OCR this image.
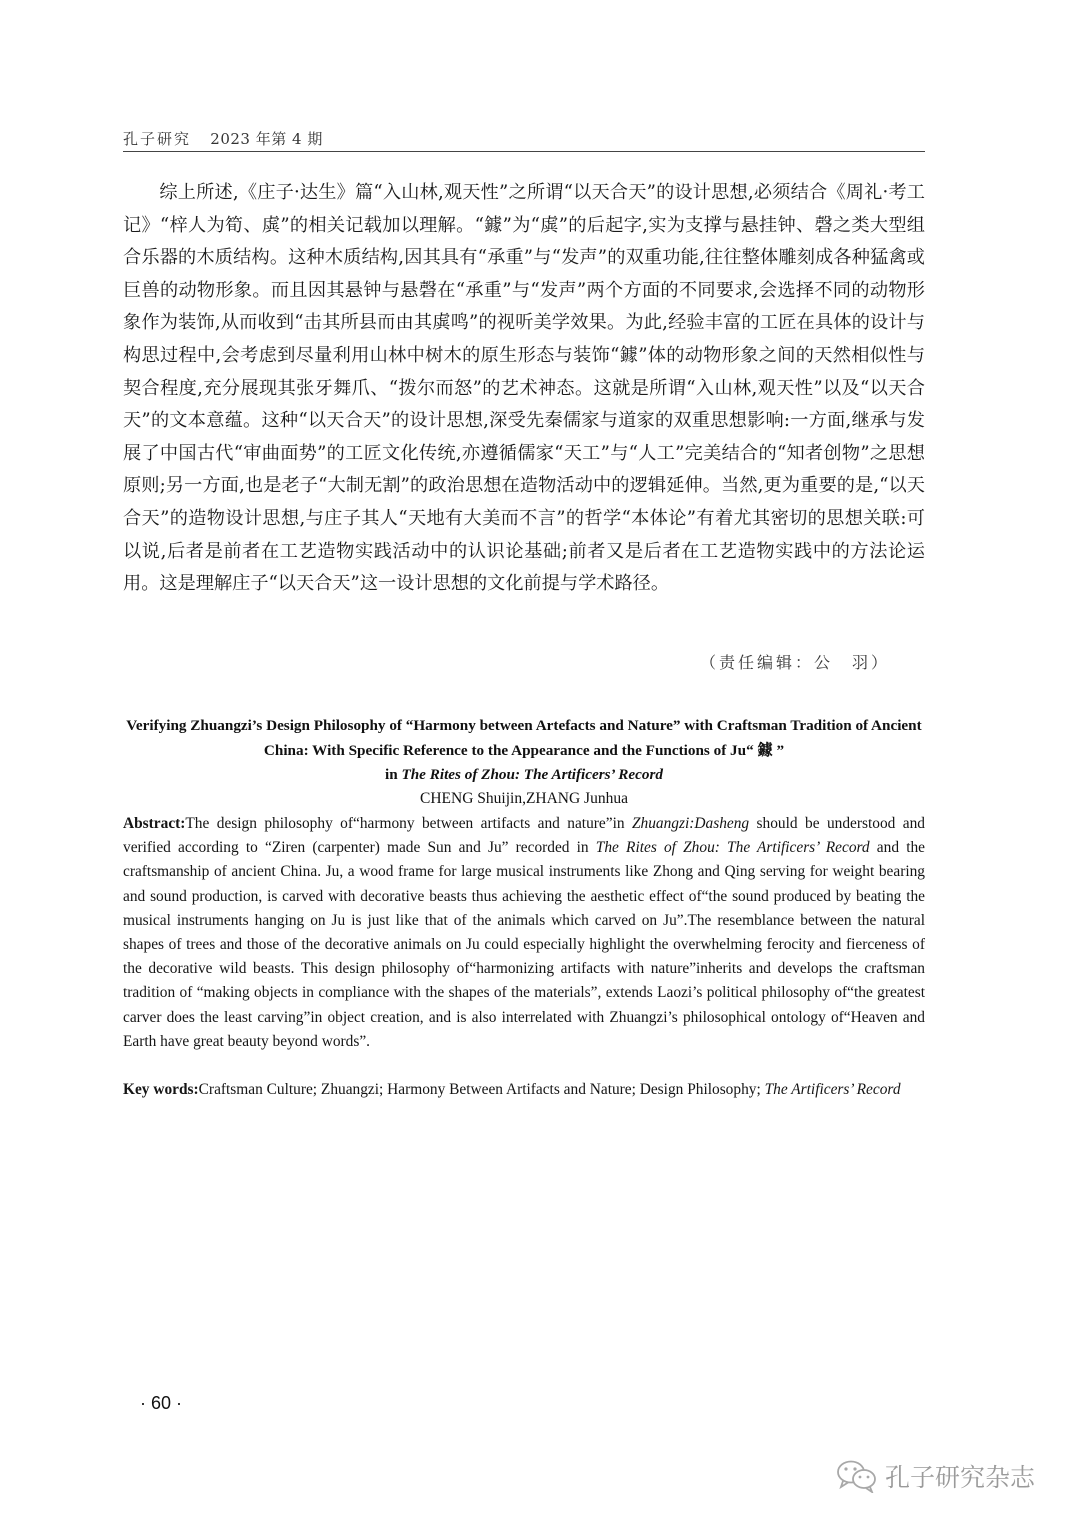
孔子研究 2023 年第 4 期

综上所述,《庄子·达生》篇“入山林,观天性”之所谓“以天合天”的设计思想,必须结合《周礼·考工记》“梓人为筍、虡”的相关记载加以理解。“鐻”为“虡”的后起字,实为支撑与悬挂钟、磬之类大型组合乐器的木质结构。这种木质结构,因其具有“承重”与“发声”的双重功能,往往整体雕刻成各种猛禽或巨兽的动物形象。而且因其悬钟与悬磬在“承重”与“发声”两个方面的不同要求,会选择不同的动物形象作为装饰,从而收到“击其所县而由其虡鸣”的视听美学效果。为此,经验丰富的工匠在具体的设计与构思过程中,会考虑到尽量利用山林中树木的原生形态与装饰“鐻”体的动物形象之间的天然相似性与契合程度,充分展现其张牙舞爪、“拨尔而怒”的艺术神态。这就是所谓“入山林,观天性”以及“以天合天”的文本意蕴。这种“以天合天”的设计思想,深受先秦儒家与道家的双重思想影响:一方面,继承与发展了中国古代“审曲面势”的工匠文化传统,亦遵循儒家“天工”与“人工”完美结合的“知者创物”之思想原则;另一方面,也是老子“大制无割”的政治思想在造物活动中的逻辑延伸。当然,更为重要的是,“以天合天”的造物设计思想,与庄子其人“天地有大美而不言”的哲学“本体论”有着尤其密切的思想关联:可以说,后者是前者在工艺造物实践活动中的认识论基础;前者又是后者在工艺造物实践中的方法论运用。这是理解庄子“以天合天”这一设计思想的文化前提与学术路径。

（责任编辑：公　羽）
Verifying Zhuangzi’s Design Philosophy of “Harmony between Artefacts and Nature” with Craftsman Tradition of Ancient China: With Specific Reference to the Appearance and the Functions of Ju“ 鐻 ”
in The Rites of Zhou: The Artificers’ Record
CHENG Shuijin,ZHANG Junhua

Abstract:The design philosophy of“harmony between artifacts and nature”in Zhuangzi:Dasheng should be understood and verified according to “Ziren (carpenter) made Sun and Ju” recorded in The Rites of Zhou: The Artificers’ Record and the craftsmanship of ancient China. Ju, a wood frame for large musical instruments like Zhong and Qing serving for weight bearing and sound production, is carved with decorative beasts thus achieving the aesthetic effect of“the sound produced by beating the musical instruments hanging on Ju is just like that of the animals which carved on Ju”.The resemblance between the natural shapes of trees and those of the decorative animals on Ju could especially highlight the overwhelming ferocity and fierceness of the decorative wild beasts. This design philosophy of“harmonizing artifacts with nature”inherits and develops the craftsman tradition of “making objects in compliance with the shapes of the materials”, extends Laozi’s political philosophy of“the greatest carver does the least carving”in object creation, and is also interrelated with Zhuangzi’s philosophical ontology of“Heaven and Earth have great beauty beyond words”.

Key words:Craftsman Culture; Zhuangzi; Harmony Between Artifacts and Nature; Design Philosophy; The Artificers’ Record

· 60 ·
孔子研究杂志
